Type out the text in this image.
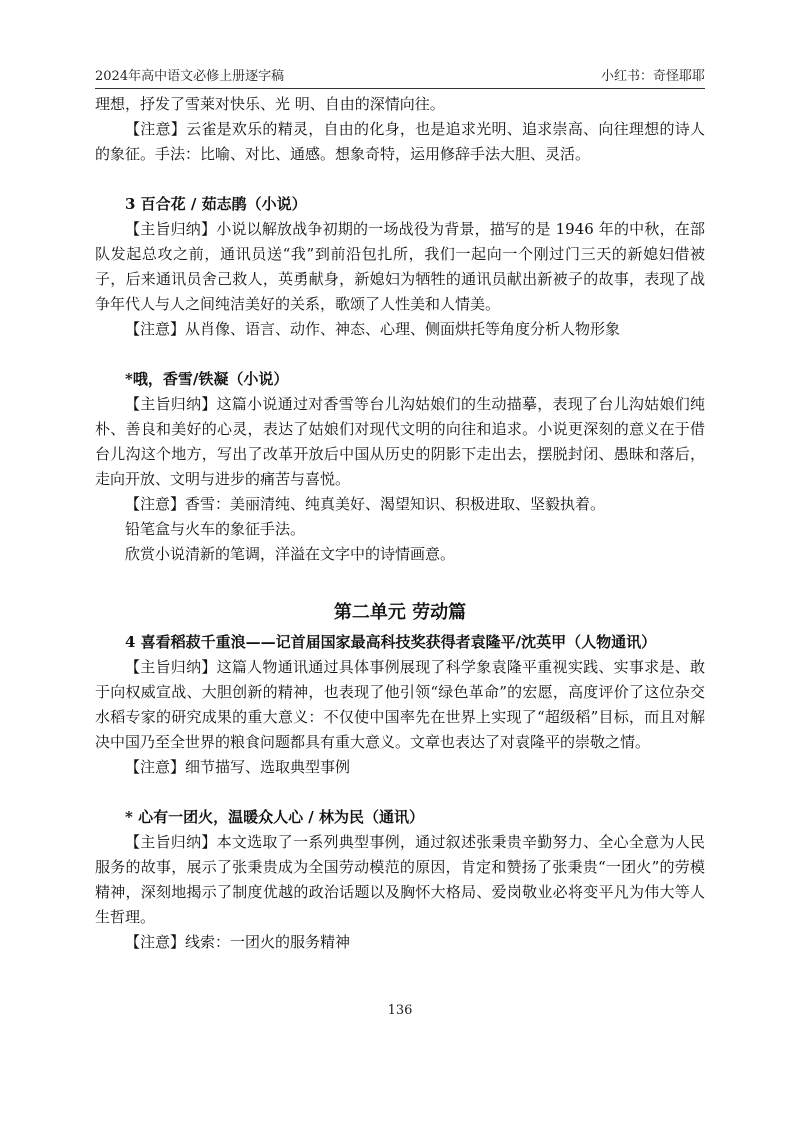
2024年高中语文必修上册逐字稿	小红书：奇怪耶耶

理想，抒发了雪莱对快乐、光 明、自由的深情向往。

【注意】云雀是欢乐的精灵，自由的化身，也是追求光明、追求崇高、向往理想的诗人的象征。手法：比喻、对比、通感。想象奇特，运用修辞手法大胆、灵活。

3 百合花 / 茹志鹃（小说）

【主旨归纳】小说以解放战争初期的一场战役为背景，描写的是 1946 年的中秋，在部队发起总攻之前，通讯员送“我”到前沿包扎所，我们一起向一个刚过门三天的新媳妇借被子，后来通讯员舍己救人，英勇献身，新媳妇为牺牲的通讯员献出新被子的故事，表现了战争年代人与人之间纯洁美好的关系，歌颂了人性美和人情美。

【注意】从肖像、语言、动作、神态、心理、侧面烘托等角度分析人物形象

*哦，香雪/铁凝（小说）

【主旨归纳】这篇小说通过对香雪等台儿沟姑娘们的生动描摹，表现了台儿沟姑娘们纯朴、善良和美好的心灵，表达了姑娘们对现代文明的向往和追求。小说更深刻的意义在于借台儿沟这个地方，写出了改革开放后中国从历史的阴影下走出去，摆脱封闭、愚昧和落后，走向开放、文明与进步的痛苦与喜悦。

【注意】香雪：美丽清纯、纯真美好、渴望知识、积极进取、坚毅执着。

铅笔盒与火车的象征手法。

欣赏小说清新的笔调，洋溢在文字中的诗情画意。

第二单元 劳动篇

4 喜看稻菽千重浪——记首届国家最高科技奖获得者袁隆平/沈英甲（人物通讯）

【主旨归纳】这篇人物通讯通过具体事例展现了科学象袁隆平重视实践、实事求是、敢于向权威宣战、大胆创新的精神，也表现了他引领“绿色革命”的宏愿，高度评价了这位杂交水稻专家的研究成果的重大意义：不仅使中国率先在世界上实现了“超级稻”目标，而且对解决中国乃至全世界的粮食问题都具有重大意义。文章也表达了对袁隆平的崇敬之情。

【注意】细节描写、选取典型事例

* 心有一团火，温暖众人心 / 林为民（通讯）

【主旨归纳】本文选取了一系列典型事例，通过叙述张秉贵辛勤努力、全心全意为人民服务的故事，展示了张秉贵成为全国劳动模范的原因，肯定和赞扬了张秉贵“一团火”的劳模精神，深刻地揭示了制度优越的政治话题以及胸怀大格局、爱岗敬业必将变平凡为伟大等人生哲理。

【注意】线索：一团火的服务精神

136
